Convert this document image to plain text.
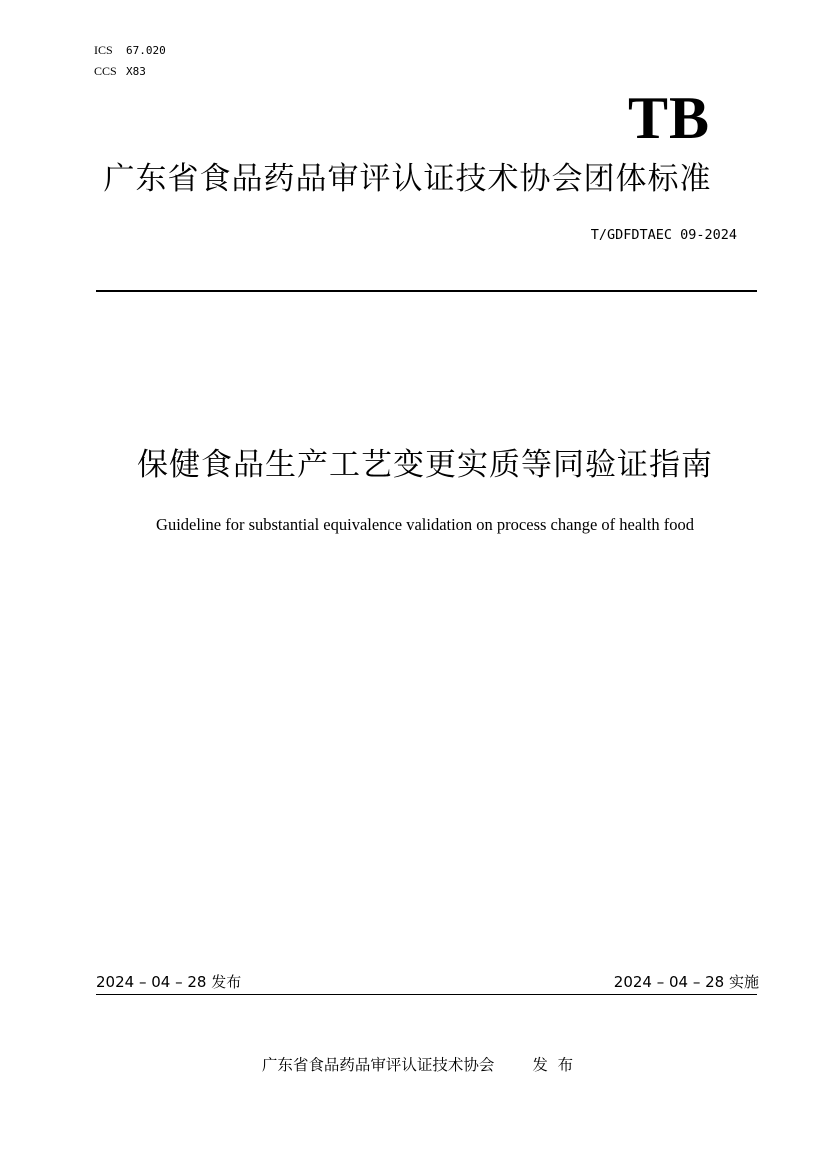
ICS 67.020
CCS X83
TB
广东省食品药品审评认证技术协会团体标准
T/GDFDTAEC 09-2024
保健食品生产工艺变更实质等同验证指南
Guideline for substantial equivalence validation on process change of health food
2024 – 04 – 28 发布	2024 – 04 – 28 实施
广东省食品药品审评认证技术协会 发  布
